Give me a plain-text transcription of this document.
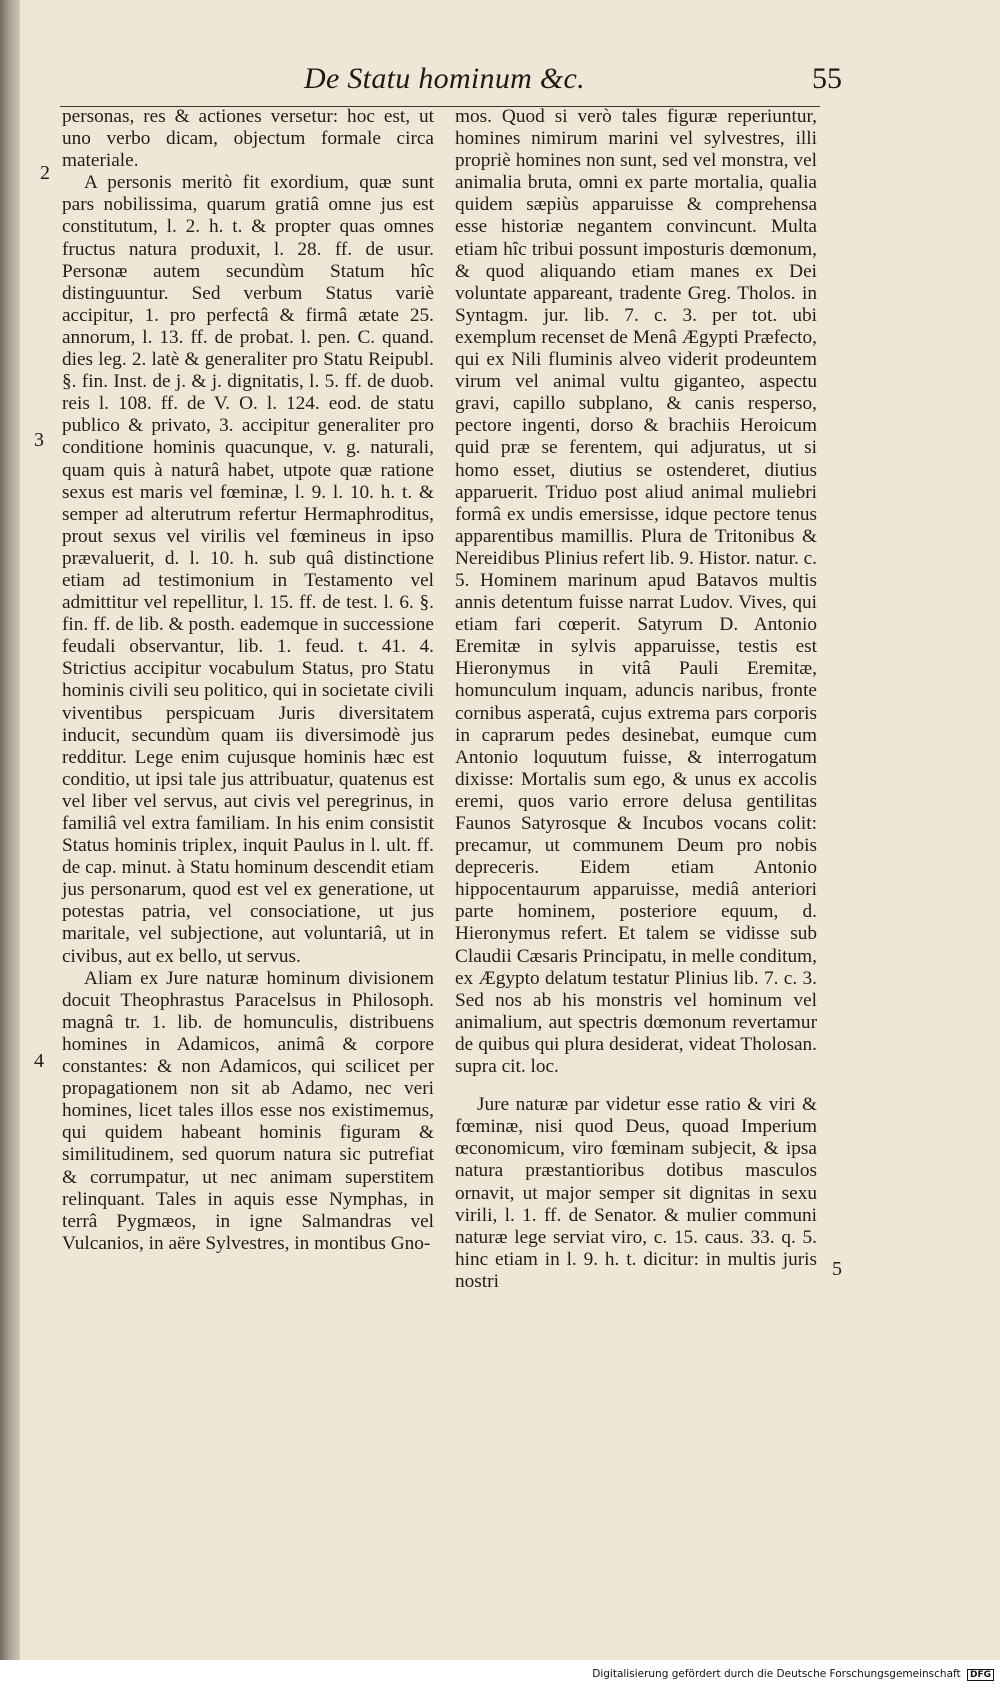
De Statu hominum &c.	55
2
3
4
5

personas, res & actiones versetur: hoc est, ut uno verbo dicam, objectum formale circa materiale.

A personis meritò fit exordium, quæ sunt pars nobilissima, quarum gratiâ omne jus est constitutum, l. 2. h. t. & propter quas omnes fructus natura produxit, l. 28. ff. de usur. Personæ autem secundùm Statum hîc distinguuntur. Sed verbum Status variè accipitur, 1. pro perfectâ & firmâ ætate 25. annorum, l. 13. ff. de probat. l. pen. C. quand. dies leg. 2. latè & generaliter pro Statu Reipubl. §. fin. Inst. de j. & j. dignitatis, l. 5. ff. de duob. reis l. 108. ff. de V. O. l. 124. eod. de statu publico & privato, 3. accipitur generaliter pro conditione hominis quacunque, v. g. naturali, quam quis à naturâ habet, utpote quæ ratione sexus est maris vel fœminæ, l. 9. l. 10. h. t. & semper ad alterutrum refertur Hermaphroditus, prout sexus vel virilis vel fœmineus in ipso prævaluerit, d. l. 10. h. sub quâ distinctione etiam ad testimonium in Testamento vel admittitur vel repellitur, l. 15. ff. de test. l. 6. §. fin. ff. de lib. & posth. eademque in successione feudali observantur, lib. 1. feud. t. 41. 4. Strictius accipitur vocabulum Status, pro Statu hominis civili seu politico, qui in societate civili viventibus perspicuam Juris diversitatem inducit, secundùm quam iis diversimodè jus redditur. Lege enim cujusque hominis hæc est conditio, ut ipsi tale jus attribuatur, quatenus est vel liber vel servus, aut civis vel peregrinus, in familiâ vel extra familiam. In his enim consistit Status hominis triplex, inquit Paulus in l. ult. ff. de cap. minut. à Statu hominum descendit etiam jus personarum, quod est vel ex generatione, ut potestas patria, vel consociatione, ut jus maritale, vel subjectione, aut voluntariâ, ut in civibus, aut ex bello, ut servus.

Aliam ex Jure naturæ hominum divisionem docuit Theophrastus Paracelsus in Philosoph. magnâ tr. 1. lib. de homunculis, distribuens homines in Adamicos, animâ & corpore constantes: & non Adamicos, qui scilicet per propagationem non sit ab Adamo, nec veri homines, licet tales illos esse nos existimemus, qui quidem habeant hominis figuram & similitudinem, sed quorum natura sic putrefiat & corrumpatur, ut nec animam superstitem relinquant. Tales in aquis esse Nymphas, in terrâ Pygmæos, in igne Salmandras vel Vulcanios, in aëre Sylvestres, in montibus Gno-

mos. Quod si verò tales figuræ reperiuntur, homines nimirum marini vel sylvestres, illi propriè homines non sunt, sed vel monstra, vel animalia bruta, omni ex parte mortalia, qualia quidem sæpiùs apparuisse & comprehensa esse historiæ negantem convincunt. Multa etiam hîc tribui possunt imposturis dœmonum, & quod aliquando etiam manes ex Dei voluntate appareant, tradente Greg. Tholos. in Syntagm. jur. lib. 7. c. 3. per tot. ubi exemplum recenset de Menâ Ægypti Præfecto, qui ex Nili fluminis alveo viderit prodeuntem virum vel animal vultu giganteo, aspectu gravi, capillo subplano, & canis resperso, pectore ingenti, dorso & brachiis Heroicum quid præ se ferentem, qui adjuratus, ut si homo esset, diutius se ostenderet, diutius apparuerit. Triduo post aliud animal muliebri formâ ex undis emersisse, idque pectore tenus apparentibus mamillis. Plura de Tritonibus & Nereidibus Plinius refert lib. 9. Histor. natur. c. 5. Hominem marinum apud Batavos multis annis detentum fuisse narrat Ludov. Vives, qui etiam fari cœperit. Satyrum D. Antonio Eremitæ in sylvis apparuisse, testis est Hieronymus in vitâ Pauli Eremitæ, homunculum inquam, aduncis naribus, fronte cornibus asperatâ, cujus extrema pars corporis in caprarum pedes desinebat, eumque cum Antonio loquutum fuisse, & interrogatum dixisse: Mortalis sum ego, & unus ex accolis eremi, quos vario errore delusa gentilitas Faunos Satyrosque & Incubos vocans colit: precamur, ut communem Deum pro nobis depreceris. Eidem etiam Antonio hippocentaurum apparuisse, mediâ anteriori parte hominem, posteriore equum, d. Hieronymus refert. Et talem se vidisse sub Claudii Cæsaris Principatu, in melle conditum, ex Ægypto delatum testatur Plinius lib. 7. c. 3. Sed nos ab his monstris vel hominum vel animalium, aut spectris dœmonum revertamur de quibus qui plura desiderat, videat Tholosan. supra cit. loc.

Jure naturæ par videtur esse ratio & viri & fœminæ, nisi quod Deus, quoad Imperium œconomicum, viro fœminam subjecit, & ipsa natura præstantioribus dotibus masculos ornavit, ut major semper sit dignitas in sexu virili, l. 1. ff. de Senator. & mulier communi naturæ lege serviat viro, c. 15. caus. 33. q. 5. hinc etiam in l. 9. h. t. dicitur: in multis juris nostri

Digitalisierung gefördert durch die Deutsche Forschungsgemeinschaft DFG
